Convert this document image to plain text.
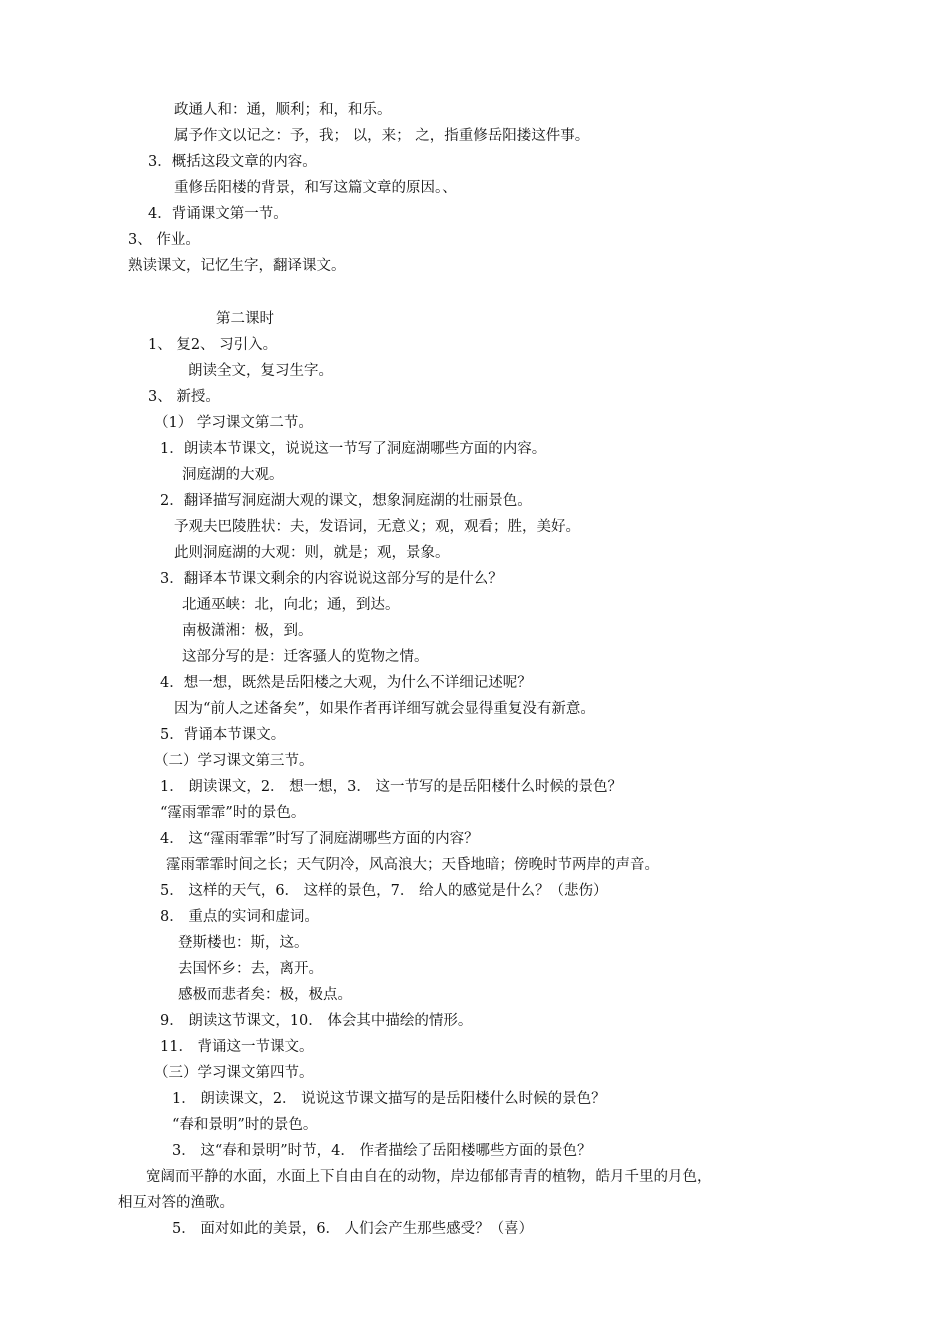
政通人和：通，顺利；和，和乐。
属予作文以记之：予，我； 以，来； 之，指重修岳阳搂这件事。
3．概括这段文章的内容。
重修岳阳楼的背景，和写这篇文章的原因。、
4．背诵课文第一节。
3、 作业。
熟读课文，记忆生字，翻译课文。
第二课时
1、 复2、 习引入。
朗读全文，复习生字。
3、 新授。
（1） 学习课文第二节。
1．朗读本节课文，说说这一节写了洞庭湖哪些方面的内容。
洞庭湖的大观。
2．翻译描写洞庭湖大观的课文，想象洞庭湖的壮丽景色。
予观夫巴陵胜状：夫，发语词，无意义；观，观看；胜，美好。
此则洞庭湖的大观：则，就是；观，景象。
3．翻译本节课文剩余的内容说说这部分写的是什么？
北通巫峡：北，向北；通，到达。
南极潇湘：极，到。
这部分写的是：迁客骚人的览物之情。
4．想一想，既然是岳阳楼之大观，为什么不详细记述呢？
因为“前人之述备矣”，如果作者再详细写就会显得重复没有新意。
5．背诵本节课文。
（二）学习课文第三节。
1． 朗读课文，2． 想一想，3． 这一节写的是岳阳楼什么时候的景色？
“霪雨霏霏”时的景色。
4． 这“霪雨霏霏”时写了洞庭湖哪些方面的内容？
霪雨霏霏时间之长；天气阴冷，风高浪大；天昏地暗；傍晚时节两岸的声音。
5． 这样的天气，6． 这样的景色，7． 给人的感觉是什么？（悲伤）
8． 重点的实词和虚词。
登斯楼也：斯，这。
去国怀乡：去，离开。
感极而悲者矣：极，极点。
9． 朗读这节课文，10． 体会其中描绘的情形。
11． 背诵这一节课文。
（三）学习课文第四节。
1． 朗读课文，2． 说说这节课文描写的是岳阳楼什么时候的景色？
“春和景明”时的景色。
3． 这“春和景明”时节，4． 作者描绘了岳阳楼哪些方面的景色？
宽阔而平静的水面，水面上下自由自在的动物，岸边郁郁青青的植物，皓月千里的月色，
相互对答的渔歌。
5． 面对如此的美景，6． 人们会产生那些感受？（喜）
